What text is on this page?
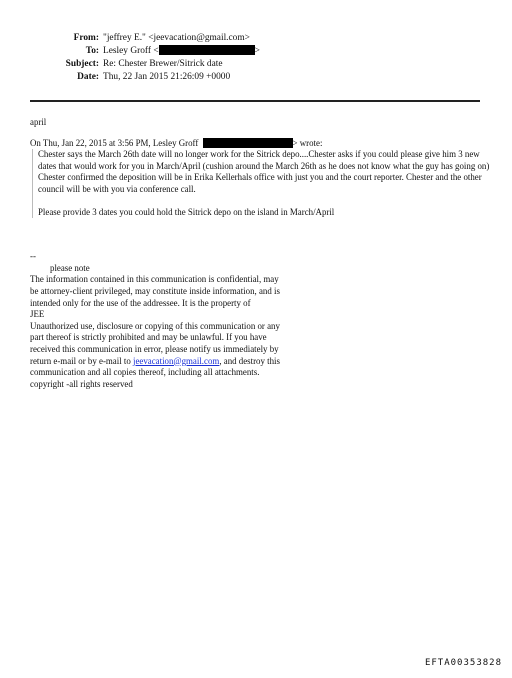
From: "jeffrey E." <jeevacation@gmail.com>
To: Lesley Groff <	>
Subject: Re: Chester Brewer/Sitrick date
Date: Thu, 22 Jan 2015 21:26:09 +0000

april

On Thu, Jan 22, 2015 at 3:56 PM, Lesley Groff	> wrote:

Chester says the March 26th date will no longer work for the Sitrick depo....Chester asks if you could please give him 3 new dates that would work for you in March/April (cushion around the March 26th as he does not know what the guy has going on) Chester confirmed the deposition will be in Erika Kellerhals office with just you and the court reporter. Chester and the other council will be with you via conference call.

Please provide 3 dates you could hold the Sitrick depo on the island in March/April

--

please note

The information contained in this communication is confidential, may be attorney-client privileged, may constitute inside information, and is intended only for the use of the addressee. It is the property of

JEE

Unauthorized use, disclosure or copying of this communication or any part thereof is strictly prohibited and may be unlawful. If you have received this communication in error, please notify us immediately by return e-mail or by e-mail to jeevacation@gmail.com, and destroy this communication and all copies thereof, including all attachments. copyright -all rights reserved

EFTA00353828
